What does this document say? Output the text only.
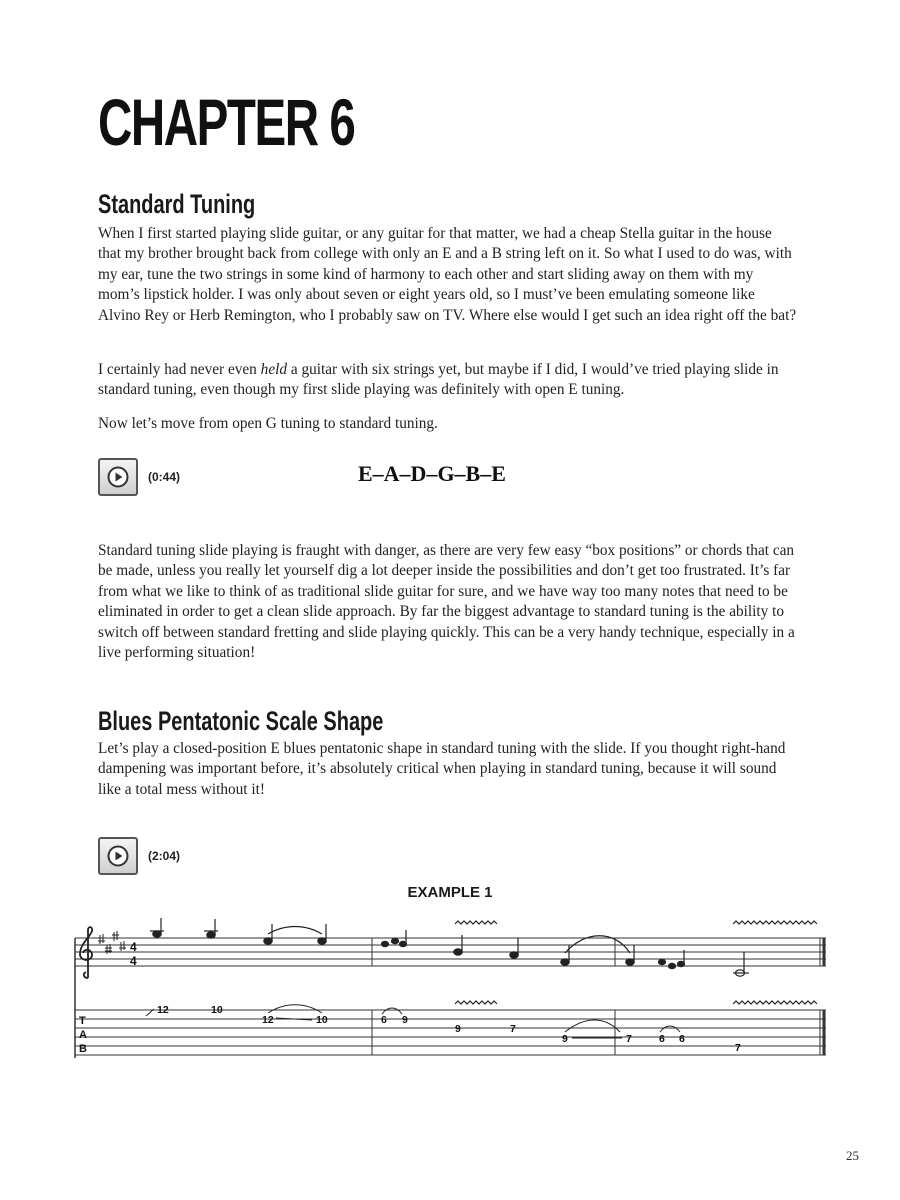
CHAPTER 6
Standard Tuning

When I first started playing slide guitar, or any guitar for that matter, we had a cheap Stella guitar in the house that my brother brought back from college with only an E and a B string left on it. So what I used to do was, with my ear, tune the two strings in some kind of harmony to each other and start sliding away on them with my mom’s lipstick holder. I was only about seven or eight years old, so I must’ve been emulating someone like Alvino Rey or Herb Remington, who I probably saw on TV. Where else would I get such an idea right off the bat?

I certainly had never even held a guitar with six strings yet, but maybe if I did, I would’ve tried playing slide in standard tuning, even though my first slide playing was definitely with open E tuning.

Now let’s move from open G tuning to standard tuning.

(0:44)	E–A–D–G–B–E

Standard tuning slide playing is fraught with danger, as there are very few easy “box positions” or chords that can be made, unless you really let yourself dig a lot deeper inside the possibilities and don’t get too frustrated. It’s far from what we like to think of as traditional slide guitar for sure, and we have way too many notes that need to be eliminated in order to get a clean slide approach. By far the biggest advantage to standard tuning is the ability to switch off between standard fretting and slide playing quickly. This can be a very handy technique, especially in a live performing situation!

Blues Pentatonic Scale Shape

Let’s play a closed-position E blues pentatonic shape in standard tuning with the slide. If you thought right-hand dampening was important before, it’s absolutely critical when playing in standard tuning, because it will sound like a total mess without it!

(2:04)
EXAMPLE 1
4
4
T
A
B
12	10
12	10	6 9
9	7
9	7	6 6
7
25
